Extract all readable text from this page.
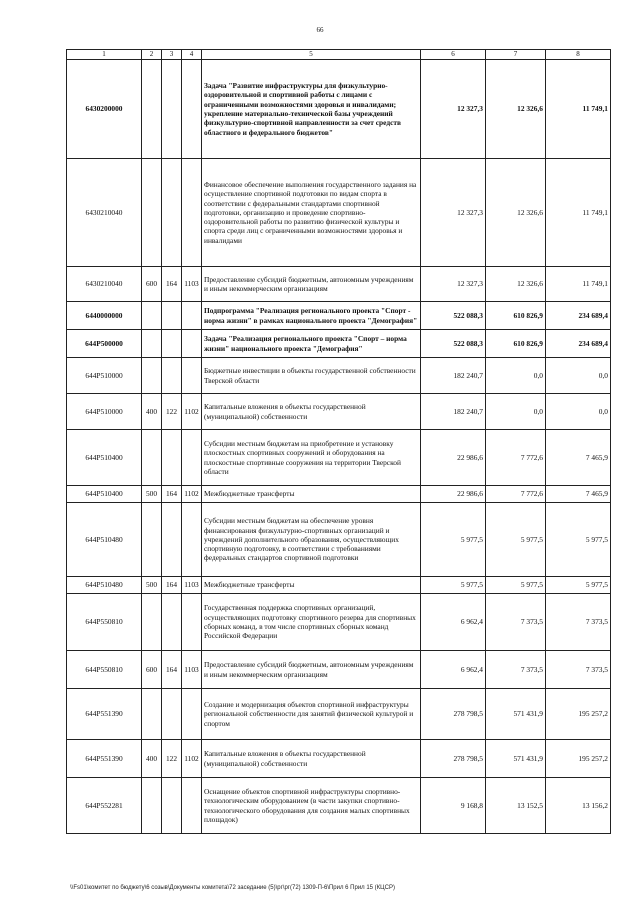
66
1	2	3	4	5	6	7	8
6430200000				Задача "Развитие инфраструктуры для физкультурно-оздоровительной и спортивной работы с лицами с ограниченными возможностями здоровья и инвалидами; укрепление материально-технической базы учреждений физкультурно-спортивной направленности за счет средств областного и федерального бюджетов"	12 327,3	12 326,6	11 749,1
6430210040				Финансовое обеспечение выполнения государственного задания на осуществление спортивной подготовки по видам спорта в соответствии с федеральными стандартами спортивной подготовки, организацию и проведение спортивно-оздоровительной работы по развитию физической культуры и спорта среди лиц с ограниченными возможностями здоровья и инвалидами	12 327,3	12 326,6	11 749,1
6430210040	600	164	1103	Предоставление субсидий бюджетным, автономным учреждениям и иным некоммерческим организациям	12 327,3	12 326,6	11 749,1
6440000000				Подпрограмма "Реализация регионального проекта "Спорт - норма жизни" в рамках национального проекта "Демография"	522 088,3	610 826,9	234 689,4
644P500000				Задача "Реализация регионального проекта "Спорт – норма жизни" национального проекта "Демография"	522 088,3	610 826,9	234 689,4
644P510000				Бюджетные инвестиции в объекты государственной собственности Тверской области	182 240,7	0,0	0,0
644P510000	400	122	1102	Капитальные вложения в объекты государственной (муниципальной) собственности	182 240,7	0,0	0,0
644P510400				Субсидии местным бюджетам на приобретение и установку плоскостных спортивных сооружений и оборудования на плоскостные спортивные сооружения на территории Тверской области	22 986,6	7 772,6	7 465,9
644P510400	500	164	1102	Межбюджетные трансферты	22 986,6	7 772,6	7 465,9
644P510480				Субсидии местным бюджетам на обеспечение уровня финансирования физкультурно-спортивных организаций и учреждений дополнительного образования, осуществляющих спортивную подготовку, в соответствии с требованиями федеральных стандартов спортивной подготовки	5 977,5	5 977,5	5 977,5
644P510480	500	164	1103	Межбюджетные трансферты	5 977,5	5 977,5	5 977,5
644P550810				Государственная поддержка спортивных организаций, осуществляющих подготовку спортивного резерва для спортивных сборных команд, в том числе спортивных сборных команд Российской Федерации	6 962,4	7 373,5	7 373,5
644P550810	600	164	1103	Предоставление субсидий бюджетным, автономным учреждениям и иным некоммерческим организациям	6 962,4	7 373,5	7 373,5
644P551390				Создание и модернизация объектов спортивной инфраструктуры региональной собственности для занятий физической культурой и спортом	278 798,5	571 431,9	195 257,2
644P551390	400	122	1102	Капитальные вложения в объекты государственной (муниципальной) собственности	278 798,5	571 431,9	195 257,2
644P552281				Оснащение объектов спортивной инфраструктуры спортивно-технологическим оборудованием (в части закупки спортивно-технологического оборудования для создания малых спортивных площадок)	9 168,8	13 152,5	13 156,2
\\Fs01\комитет по бюджету\6 созыв\Документы комитета\72 заседание (5)\рг\рг(72) 1309-П-6\Прил 6 Прил 15 (КЦСР)
